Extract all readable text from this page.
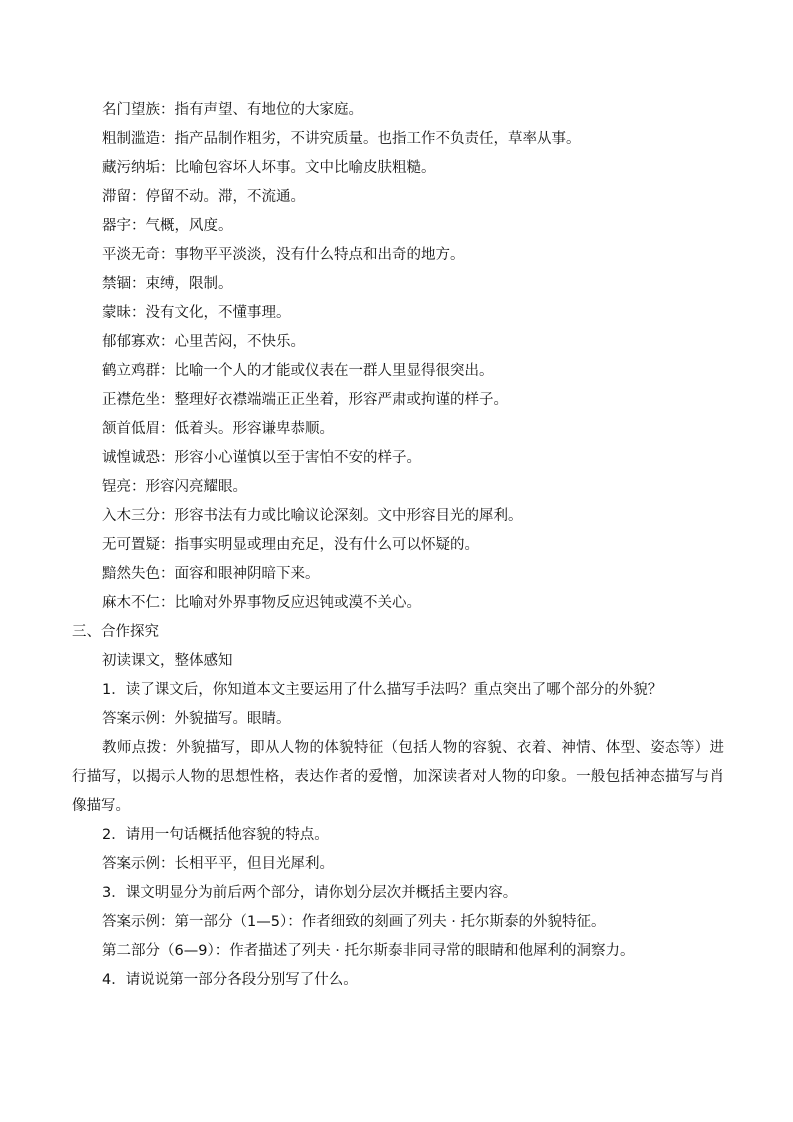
名门望族：指有声望、有地位的大家庭。
粗制滥造：指产品制作粗劣，不讲究质量。也指工作不负责任，草率从事。
藏污纳垢：比喻包容坏人坏事。文中比喻皮肤粗糙。
滞留：停留不动。滞，不流通。
器宇：气概，风度。
平淡无奇：事物平平淡淡，没有什么特点和出奇的地方。
禁锢：束缚，限制。
蒙昧：没有文化，不懂事理。
郁郁寡欢：心里苦闷，不快乐。
鹤立鸡群：比喻一个人的才能或仪表在一群人里显得很突出。
正襟危坐：整理好衣襟端端正正坐着，形容严肃或拘谨的样子。
颔首低眉：低着头。形容谦卑恭顺。
诚惶诚恐：形容小心谨慎以至于害怕不安的样子。
锃亮：形容闪亮耀眼。
入木三分：形容书法有力或比喻议论深刻。文中形容目光的犀利。
无可置疑：指事实明显或理由充足，没有什么可以怀疑的。
黯然失色：面容和眼神阴暗下来。
麻木不仁：比喻对外界事物反应迟钝或漠不关心。
三、合作探究
初读课文，整体感知
1．读了课文后，你知道本文主要运用了什么描写手法吗？重点突出了哪个部分的外貌？
答案示例：外貌描写。眼睛。
教师点拨：外貌描写，即从人物的体貌特征（包括人物的容貌、衣着、神情、体型、姿态等）进行描写，以揭示人物的思想性格，表达作者的爱憎，加深读者对人物的印象。一般包括神态描写与肖像描写。
2．请用一句话概括他容貌的特点。
答案示例：长相平平，但目光犀利。
3．课文明显分为前后两个部分，请你划分层次并概括主要内容。
答案示例：第一部分（1—5）：作者细致的刻画了列夫 · 托尔斯泰的外貌特征。
第二部分（6—9）：作者描述了列夫 · 托尔斯泰非同寻常的眼睛和他犀利的洞察力。
4．请说说第一部分各段分别写了什么。
